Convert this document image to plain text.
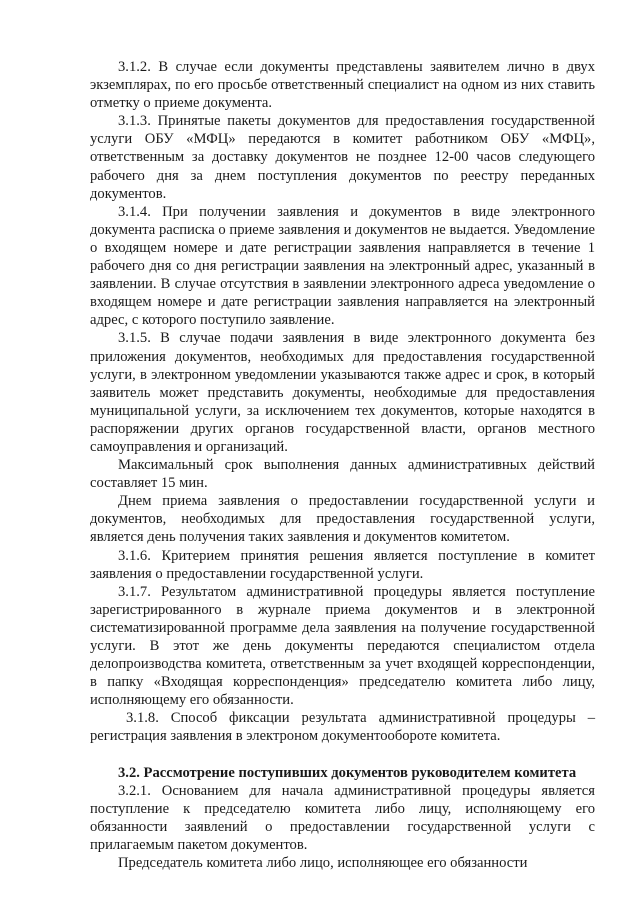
3.1.2. В случае если документы представлены заявителем лично в двух экземплярах, по его просьбе ответственный специалист на одном из них ставить отметку о приеме документа.

3.1.3. Принятые пакеты документов для предоставления государственной услуги ОБУ «МФЦ» передаются в комитет работником ОБУ «МФЦ», ответственным за доставку документов не позднее 12-00 часов следующего рабочего дня за днем поступления документов по реестру переданных документов.

3.1.4. При получении заявления и документов в виде электронного документа расписка о приеме заявления и документов не выдается. Уведомление о входящем номере и дате регистрации заявления направляется в течение 1 рабочего дня со дня регистрации заявления на электронный адрес, указанный в заявлении. В случае отсутствия в заявлении электронного адреса уведомление о входящем номере и дате регистрации заявления направляется на электронный адрес, с которого поступило заявление.

3.1.5. В случае подачи заявления в виде электронного документа без приложения документов, необходимых для предоставления государственной услуги, в электронном уведомлении указываются также адрес и срок, в который заявитель может представить документы, необходимые для предоставления муниципальной услуги, за исключением тех документов, которые находятся в распоряжении других органов государственной власти, органов местного самоуправления и организаций.

Максимальный срок выполнения данных административных действий составляет 15 мин.

Днем приема заявления о предоставлении государственной услуги и документов, необходимых для предоставления государственной услуги, является день получения таких заявления и документов комитетом.

3.1.6. Критерием принятия решения является поступление в комитет заявления о предоставлении государственной услуги.

3.1.7. Результатом административной процедуры является поступление зарегистрированного в журнале приема документов и в электронной систематизированной программе дела заявления на получение государственной услуги. В этот же день документы передаются специалистом отдела делопроизводства комитета, ответственным за учет входящей корреспонденции, в папку «Входящая корреспонденция» председателю комитета либо лицу, исполняющему его обязанности.

3.1.8. Способ фиксации результата административной процедуры – регистрация заявления в электроном документообороте комитета.

3.2. Рассмотрение поступивших документов руководителем комитета

3.2.1. Основанием для начала административной процедуры является поступление к председателю комитета либо лицу, исполняющему его обязанности заявлений о предоставлении государственной услуги с прилагаемым пакетом документов.

Председатель комитета либо лицо, исполняющее его обязанности
